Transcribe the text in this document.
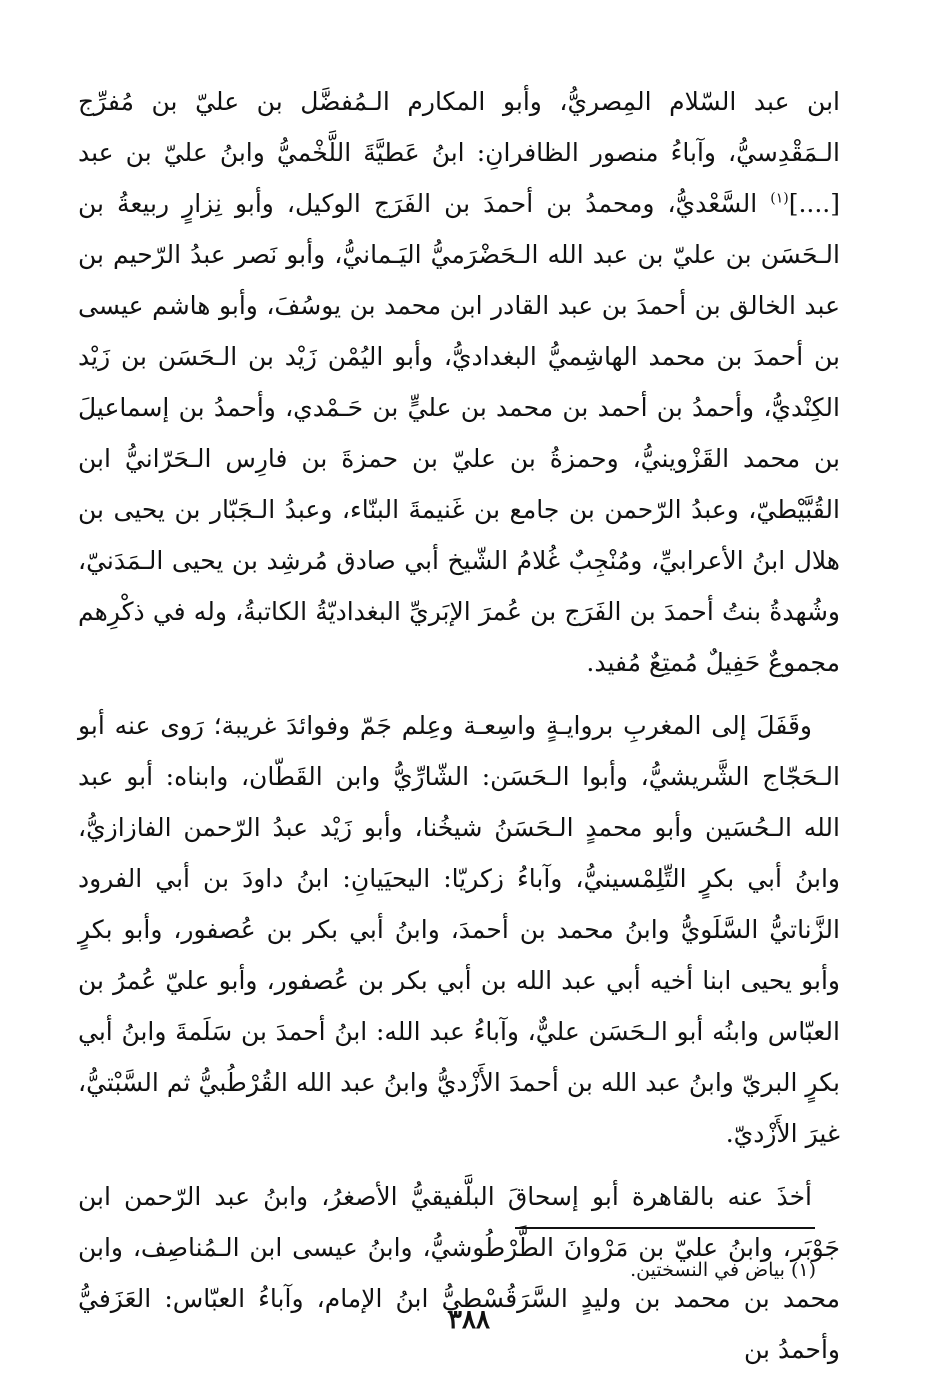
ابن عبد السّلام المِصريُّ، وأبو المكارم الـمُفضَّل بن عليّ بن مُفرِّج الـمَقْدِسيُّ، وآباءُ منصور الظافرانِ: ابنُ عَطيَّةَ اللَّخْميُّ وابنُ عليّ بن عبد [....]$^{(١)}$ السَّعْديُّ، ومحمدُ بن أحمدَ بن الفَرَج الوكيل، وأبو نِزارٍ ربيعةُ بن الـحَسَن بن عليّ بن عبد الله الـحَضْرَميُّ اليَـمانيُّ، وأبو نَصر عبدُ الرّحيم بن عبد الخالق بن أحمدَ بن عبد القادر ابن محمد بن يوسُفَ، وأبو هاشم عيسى بن أحمدَ بن محمد الهاشِميُّ البغداديُّ، وأبو اليُمْن زَيْد بن الـحَسَن بن زَيْد الكِنْديُّ، وأحمدُ بن أحمد بن محمد بن عليٍّ بن حَـمْدي، وأحمدُ بن إسماعيلَ بن محمد القَزْوينيُّ، وحمزةُ بن عليّ بن حمزةَ بن فارِس الـحَرّانيُّ ابن القُبَّيْطيّ، وعبدُ الرّحمن بن جامع بن غَنيمةَ البنّاء، وعبدُ الـجَبّار بن يحيى بن هلال ابنُ الأعرابيِّ، ومُنْجِبٌ غُلامُ الشّيخ أبي صادق مُرشِد بن يحيى الـمَدَنيّ، وشُهدةُ بنتُ أحمدَ بن الفَرَج بن عُمرَ الإبَريِّ البغداديّةُ الكاتبةُ، وله في ذكْرِهم مجموعٌ حَفِيلٌ مُمتِعٌ مُفيد.

وقَفَلَ إلى المغربِ بروايـةٍ واسِعـة وعِلم جَمّ وفوائدَ غريبة؛ رَوى عنه أبو الـحَجّاج الشَّريشيُّ، وأبوا الـحَسَن: الشّارِّيُّ وابن القَطّان، وابناه: أبو عبد الله الـحُسَين وأبو محمدٍ الـحَسَنُ شيخُنا، وأبو زَيْد عبدُ الرّحمن الفازازيُّ، وابنُ أبي بكرٍ التِّلِمْسينيُّ، وآباءُ زكريّا: اليحيَيانِ: ابنُ داودَ بن أبي الفرود الزَّناتيُّ السَّلَويُّ وابنُ محمد بن أحمدَ، وابنُ أبي بكر بن عُصفور، وأبو بكرٍ وأبو يحيى ابنا أخيه أبي عبد الله بن أبي بكر بن عُصفور، وأبو عليّ عُمرُ بن العبّاس وابنُه أبو الـحَسَن عليٌّ، وآباءُ عبد الله: ابنُ أحمدَ بن سَلَمةَ وابنُ أبي بكرٍ البريّ وابنُ عبد الله بن أحمدَ الأَزْديُّ وابنُ عبد الله القُرْطُبيُّ ثم السَّبْتيُّ، غيرَ الأَزْديّ.

أخذَ عنه بالقاهرة أبو إسحاقَ البلَّفيقيُّ الأصغرُ، وابنُ عبد الرّحمن ابن جَوْبَر، وابنُ عليّ بن مَرْوانَ الطَّرْطُوشيُّ، وابنُ عيسى ابن الـمُناصِف، وابن محمد بن محمد بن وليدٍ السَّرَقُسْطيُّ ابنُ الإمام، وآباءُ العبّاس: العَزَفيُّ وأحمدُ بن

(١) بياض في النسختين.
٣٨٨
